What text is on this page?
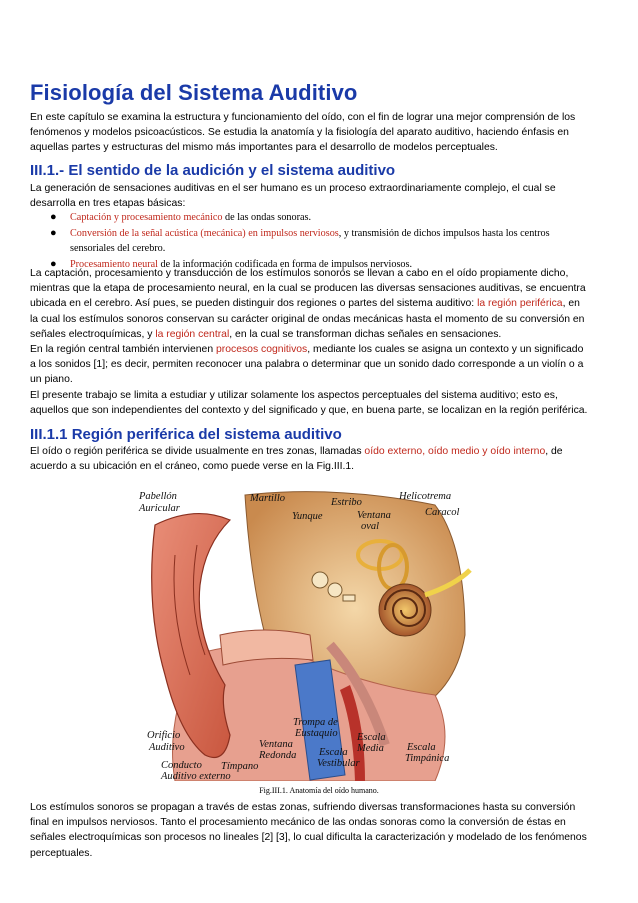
Fisiología del Sistema Auditivo

En este capítulo se examina la estructura y funcionamiento del oído, con el fin de lograr una mejor comprensión de los fenómenos y modelos psicoacústicos. Se estudia la anatomía y la fisiología del aparato auditivo, haciendo énfasis en aquellas partes y estructuras del mismo más importantes para el desarrollo de modelos perceptuales.

III.1.- El sentido de la audición y el sistema auditivo

La generación de sensaciones auditivas en el ser humano es un proceso extraordinariamente complejo, el cual se desarrolla en tres etapas básicas:

● Captación y procesamiento mecánico de las ondas sonoras.
● Conversión de la señal acústica (mecánica) en impulsos nerviosos, y transmisión de dichos impulsos hasta los centros sensoriales del cerebro.
● Procesamiento neural de la información codificada en forma de impulsos nerviosos.

La captación, procesamiento y transducción de los estímulos sonoros se llevan a cabo en el oído propiamente dicho, mientras que la etapa de procesamiento neural, en la cual se producen las diversas sensaciones auditivas, se encuentra ubicada en el cerebro. Así pues, se pueden distinguir dos regiones o partes del sistema auditivo: la región periférica, en la cual los estímulos sonoros conservan su carácter original de ondas mecánicas hasta el momento de su conversión en señales electroquímicas, y la región central, en la cual se transforman dichas señales en sensaciones.

En la región central también intervienen procesos cognitivos, mediante los cuales se asigna un contexto y un significado a los sonidos [1]; es decir, permiten reconocer una palabra o determinar que un sonido dado corresponde a un violín o a un piano.

El presente trabajo se limita a estudiar y utilizar solamente los aspectos perceptuales del sistema auditivo; esto es, aquellos que son independientes del contexto y del significado y que, en buena parte, se localizan en la región periférica.

III.1.1 Región periférica del sistema auditivo

El oído o región periférica se divide usualmente en tres zonas, llamadas oído externo, oído medio y oído interno, de acuerdo a su ubicación en el cráneo, como puede verse en la Fig.III.1.

Pabellón
Auricular
Martillo	Estribo
Yunque	Ventana
oval
Helicotrema
Caracol
Orificio
Auditivo
Trompa de
Eustaquio
Ventana
Redonda
Escala
Media Escala
Timpánica
Escala
Vestibular
Tímpano
Conducto
Auditivo externo
Fig.III.1. Anatomía del oído humano.

Los estímulos sonoros se propagan a través de estas zonas, sufriendo diversas transformaciones hasta su conversión final en impulsos nerviosos. Tanto el procesamiento mecánico de las ondas sonoras como la conversión de éstas en señales electroquímicas son procesos no lineales [2] [3], lo cual dificulta la caracterización y modelado de los fenómenos perceptuales.
